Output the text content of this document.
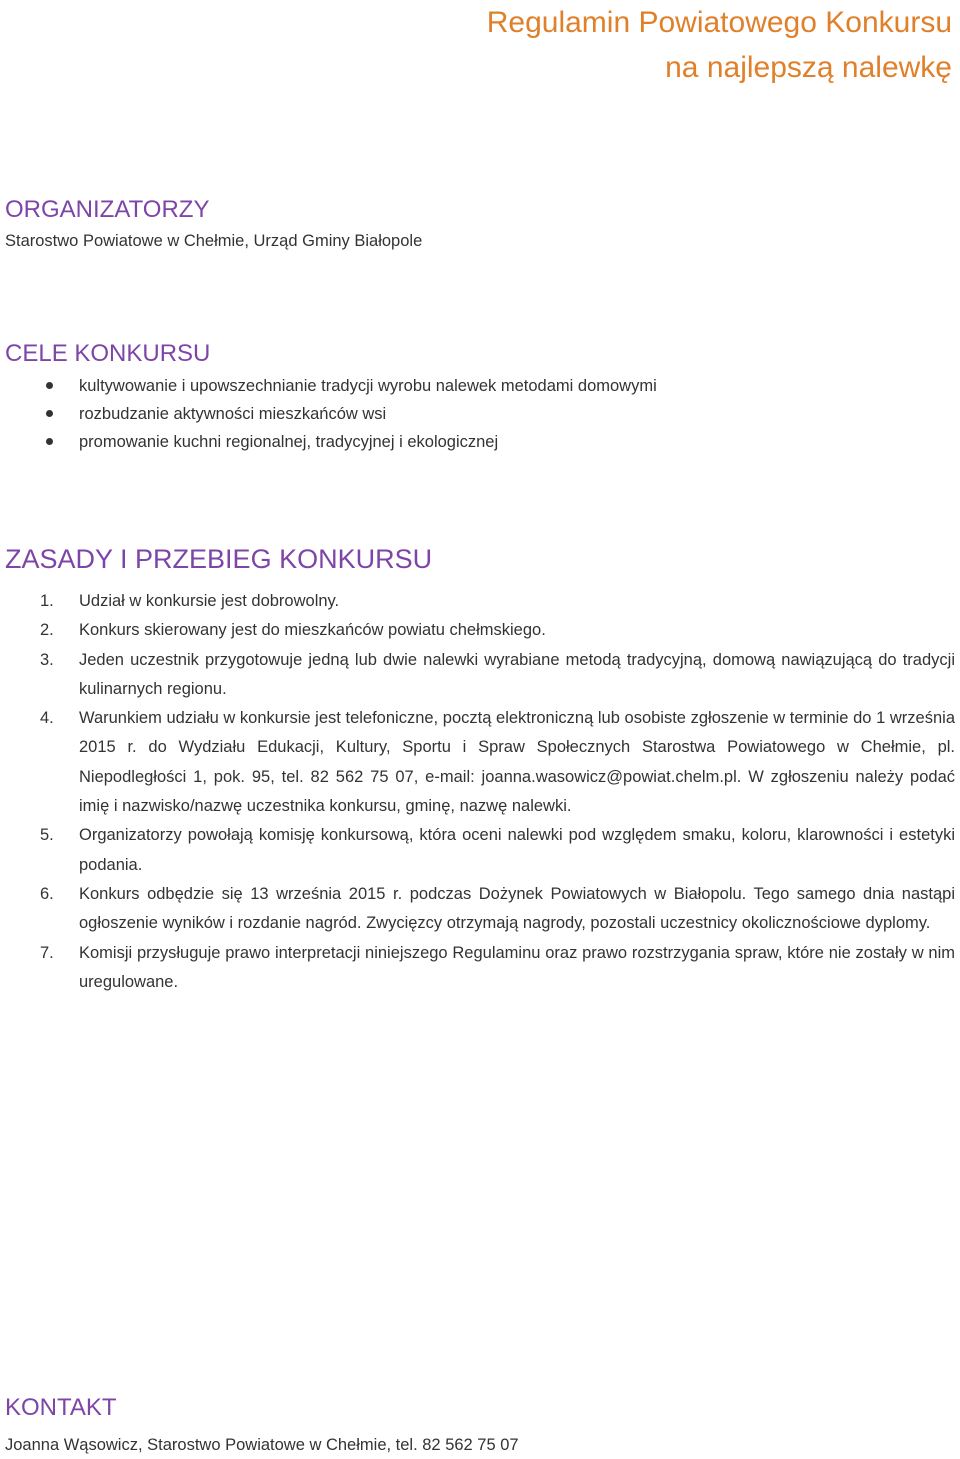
Regulamin Powiatowego Konkursu
na najlepszą nalewkę
ORGANIZATORZY

Starostwo Powiatowe w Chełmie, Urząd Gminy Białopole

CELE KONKURSU
kultywowanie i upowszechnianie tradycji wyrobu nalewek metodami domowymi
rozbudzanie aktywności mieszkańców wsi
promowanie kuchni regionalnej, tradycyjnej i ekologicznej
ZASADY I PRZEBIEG KONKURSU
1. Udział w konkursie jest dobrowolny.
2. Konkurs skierowany jest do mieszkańców powiatu chełmskiego.
3. Jeden uczestnik przygotowuje jedną lub dwie nalewki wyrabiane metodą tradycyjną, domową nawiązującą do tradycji kulinarnych regionu.
4. Warunkiem udziału w konkursie jest telefoniczne, pocztą elektroniczną lub osobiste zgłoszenie w terminie do 1 września 2015 r. do Wydziału Edukacji, Kultury, Sportu i Spraw Społecznych Starostwa Powiatowego w Chełmie, pl. Niepodległości 1, pok. 95, tel. 82 562 75 07, e-mail: joanna.wasowicz@powiat.chelm.pl. W zgłoszeniu należy podać imię i nazwisko/nazwę uczestnika konkursu, gminę, nazwę nalewki.
5. Organizatorzy powołają komisję konkursową, która oceni nalewki pod względem smaku, koloru, klarowności i estetyki podania.
6. Konkurs odbędzie się 13 września 2015 r. podczas Dożynek Powiatowych w Białopolu. Tego samego dnia nastąpi ogłoszenie wyników i rozdanie nagród. Zwycięzcy otrzymają nagrody, pozostali uczestnicy okolicznościowe dyplomy.
7. Komisji przysługuje prawo interpretacji niniejszego Regulaminu oraz prawo rozstrzygania spraw, które nie zostały w nim uregulowane.
KONTAKT

Joanna Wąsowicz, Starostwo Powiatowe w Chełmie, tel. 82 562 75 07
